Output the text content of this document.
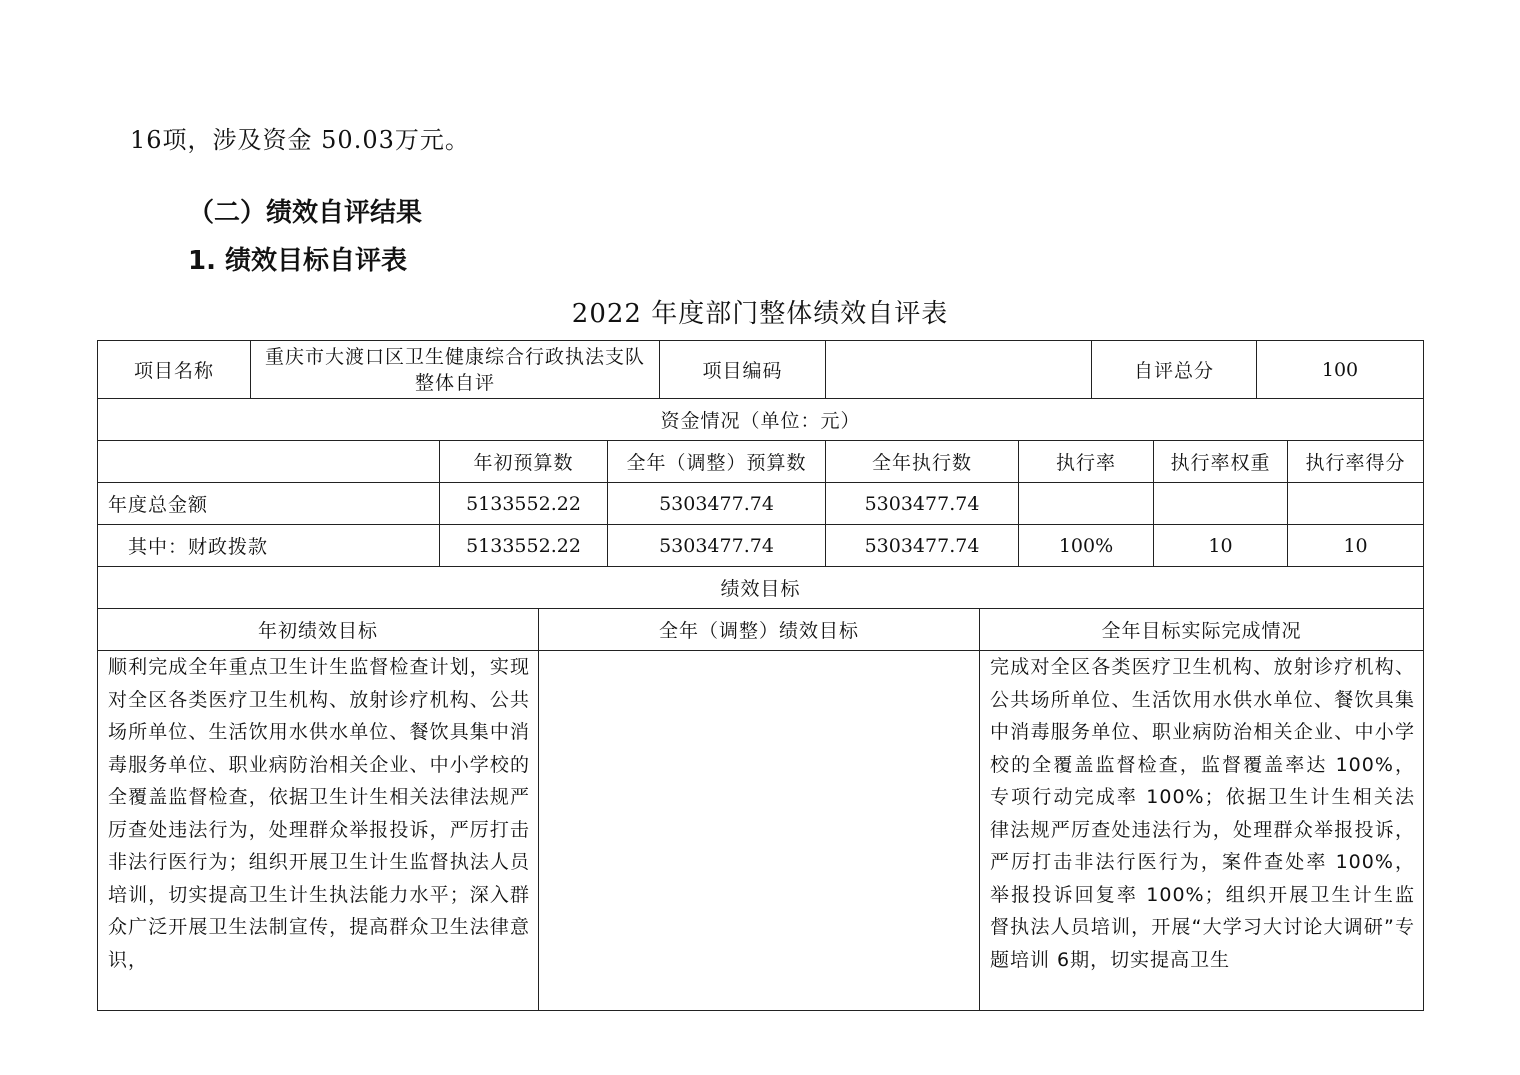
16项，涉及资金 50.03万元。
（二）绩效自评结果
1. 绩效目标自评表
2022 年度部门整体绩效自评表
项目名称	重庆市大渡口区卫生健康综合行政执法支队整体自评	项目编码		自评总分	100
资金情况（单位：元）						
	年初预算数	全年（调整）预算数	全年执行数	执行率	执行率权重	执行率得分
年度总金额	5133552.22	5303477.74	5303477.74			
其中：财政拨款	5133552.22	5303477.74	5303477.74	100%	10	10
绩效目标		
年初绩效目标	全年（调整）绩效目标	全年目标实际完成情况
顺利完成全年重点卫生计生监督检查计划，实现对全区各类医疗卫生机构、放射诊疗机构、公共场所单位、生活饮用水供水单位、餐饮具集中消毒服务单位、职业病防治相关企业、中小学校的全覆盖监督检查，依据卫生计生相关法律法规严厉查处违法行为，处理群众举报投诉，严厉打击非法行医行为；组织开展卫生计生监督执法人员培训，切实提高卫生计生执法能力水平；深入群众广泛开展卫生法制宣传，提高群众卫生法律意识，		完成对全区各类医疗卫生机构、放射诊疗机构、公共场所单位、生活饮用水供水单位、餐饮具集中消毒服务单位、职业病防治相关企业、中小学校的全覆盖监督检查，监督覆盖率达 100%，专项行动完成率 100%；依据卫生计生相关法律法规严厉查处违法行为，处理群众举报投诉，严厉打击非法行医行为，案件查处率 100%，举报投诉回复率 100%；组织开展卫生计生监督执法人员培训，开展“大学习大讨论大调研”专题培训 6期，切实提高卫生
